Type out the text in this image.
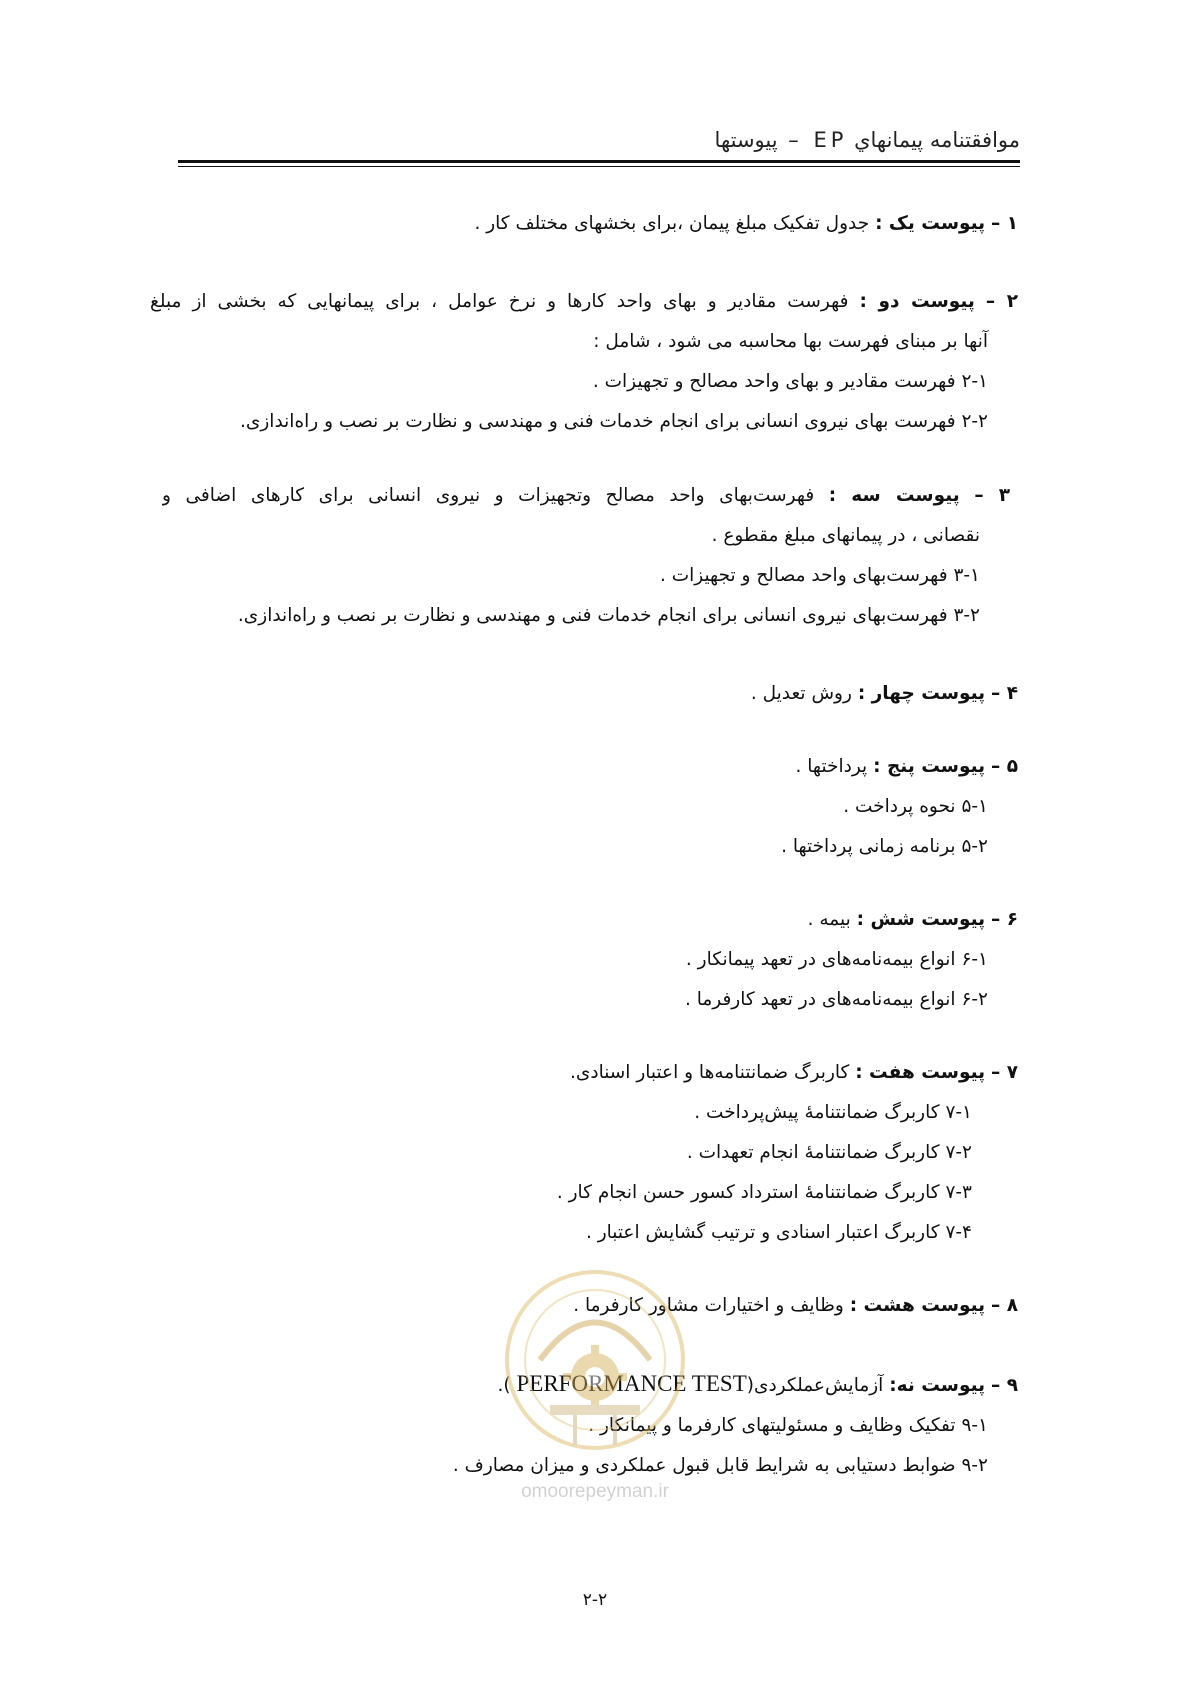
موافقتنامه پیمانهاي EP – پیوستها
۱ – پیوست یک : جدول تفکیک مبلغ پیمان ،برای بخشهای مختلف کار .
۲ – پیوست دو : فهرست مقادیر و بهای واحد کارها و نرخ عوامل ، برای پیمانهایی که بخشی از مبلغ
آنها بر مبنای فهرست بها محاسبه می شود ، شامل :
۲-۱ فهرست مقادیر و بهای واحد مصالح و تجهیزات .
۲-۲ فهرست بهای نیروی انسانی برای انجام خدمات فنی و مهندسی و نظارت بر نصب و راه‌اندازی.
۳ – پیوست سه : فهرست‌بهای واحد مصالح وتجهیزات و نیروی انسانی برای کارهای اضافی و
نقصانی ، در پیمانهای مبلغ مقطوع .
۳-۱ فهرست‌بهای واحد مصالح و تجهیزات .
۳-۲ فهرست‌بهای نیروی انسانی برای انجام خدمات فنی و مهندسی و نظارت بر نصب و راه‌اندازی.
۴ – پیوست چهار : روش تعدیل .
۵ – پیوست پنج : پرداختها .
۵-۱ نحوه پرداخت .
۵-۲ برنامه زمانی پرداختها .
۶ – پیوست شش : بیمه .
۶-۱ انواع بیمه‌نامه‌های در تعهد پیمانکار .
۶-۲ انواع بیمه‌نامه‌های در تعهد کارفرما .
۷ – پیوست هفت : کاربرگ ضمانتنامه‌ها و اعتبار اسنادی.
۷-۱ کاربرگ ضمانتنامهٔ پیش‌پرداخت .
۷-۲ کاربرگ ضمانتنامهٔ انجام تعهدات .
۷-۳ کاربرگ ضمانتنامهٔ استرداد کسور حسن انجام کار .
۷-۴ کاربرگ اعتبار اسنادی و ترتیب گشایش اعتبار .
۸ – پیوست هشت : وظایف و اختیارات مشاور کارفرما .
۹ – پیوست نه: آزمایش‌عملکردی(PERFORMANCE TEST ).
۹-۱ تفکیک وظایف و مسئولیتهای کارفرما و پیمانکار .
۹-۲ ضوابط دستیابی به شرایط قابل قبول عملکردی و میزان مصارف .
omoorepeyman.ir
۲-۲
